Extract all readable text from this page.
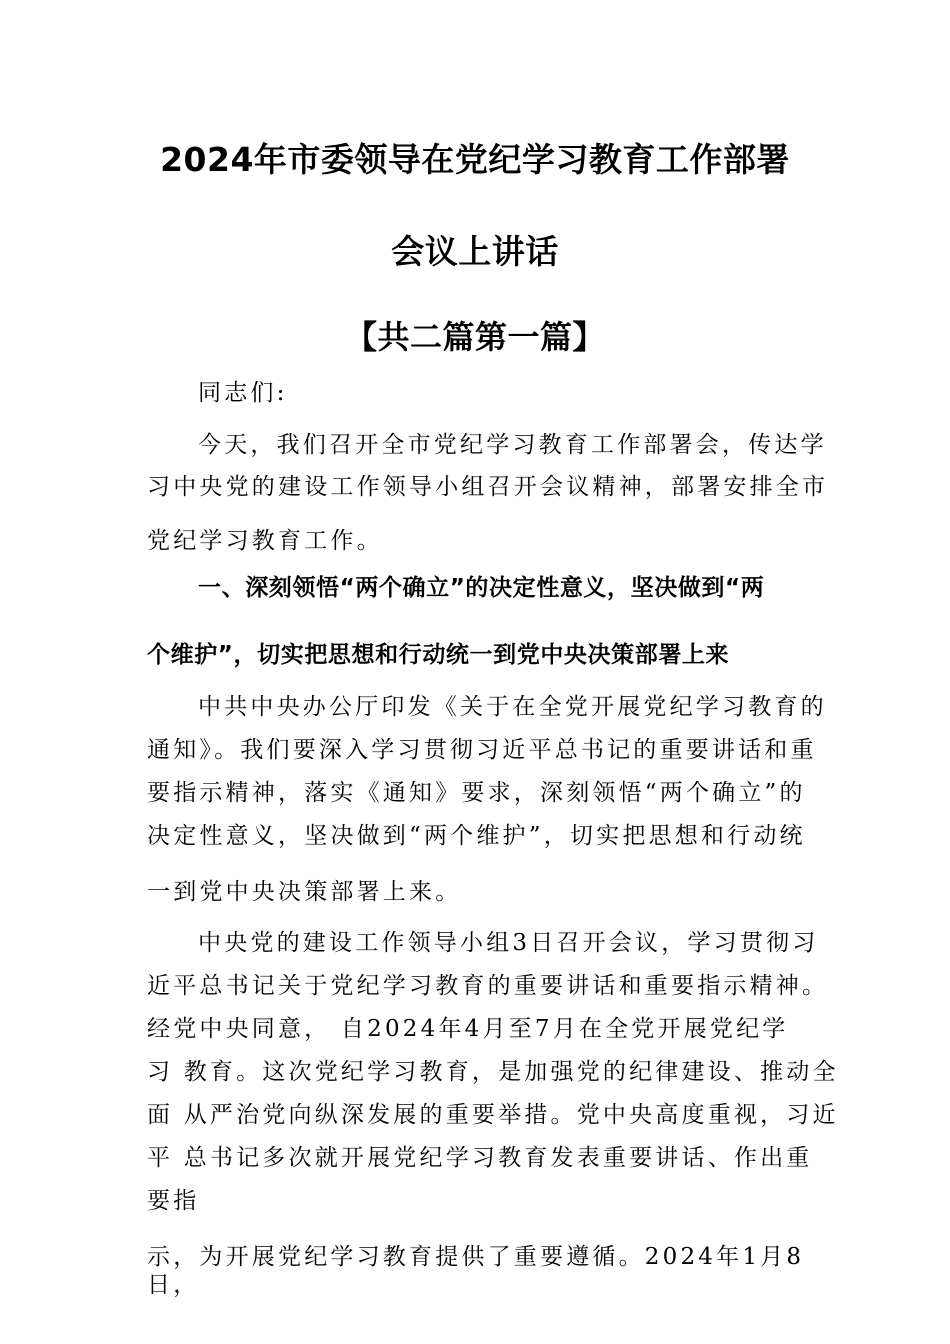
2024年市委领导在党纪学习教育工作部署
会议上讲话
【共二篇第一篇】
同志们:
今天，我们召开全市党纪学习教育工作部署会，传达学
习中央党的建设工作领导小组召开会议精神，部署安排全市
党纪学习教育工作。
一、深刻领悟“两个确立”的决定性意义，坚决做到“两
个维护”，切实把思想和行动统一到党中央决策部署上来
中共中央办公厅印发《关于在全党开展党纪学习教育的
通知》。我们要深入学习贯彻习近平总书记的重要讲话和重
要指示精神，落实《通知》要求，深刻领悟“两个确立”的
决定性意义，坚决做到“两个维护”，切实把思想和行动统
一到党中央决策部署上来。
中央党的建设工作领导小组3日召开会议，学习贯彻习
近平总书记关于党纪学习教育的重要讲话和重要指示精神。
经党中央同意， 自2024年4月至7月在全党开展党纪学
习 教育。这次党纪学习教育，是加强党的纪律建设、推动全
面 从严治党向纵深发展的重要举措。党中央高度重视，习近
平 总书记多次就开展党纪学习教育发表重要讲话、作出重
要指
示，为开展党纪学习教育提供了重要遵循。2024年1月8
日，
